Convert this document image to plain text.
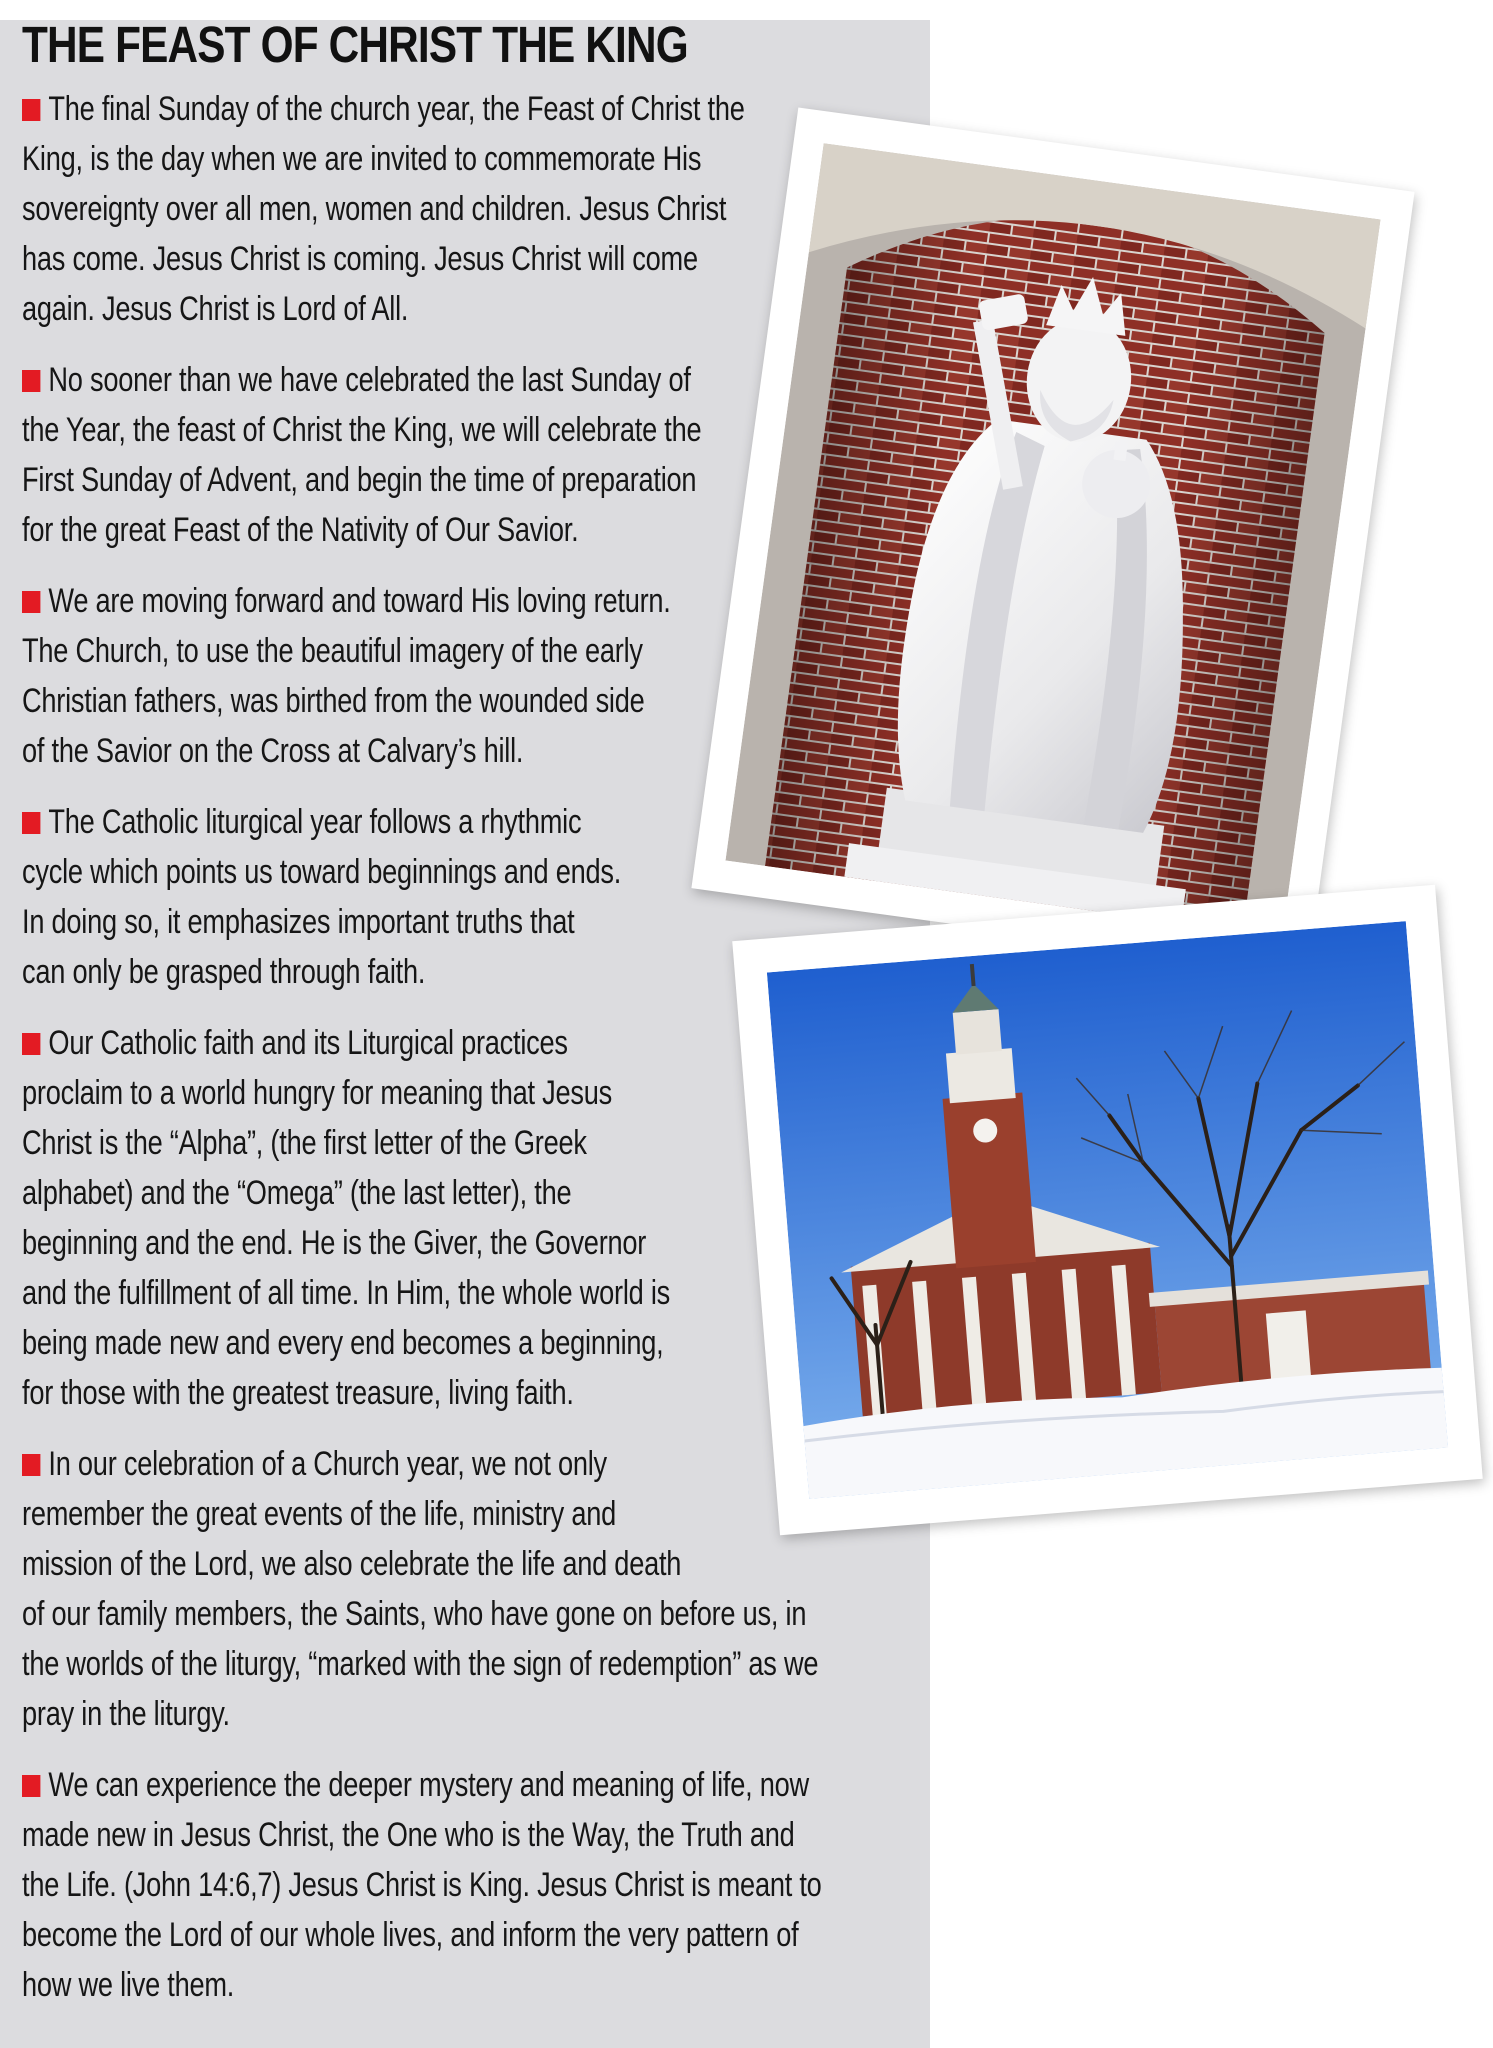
THE FEAST OF CHRIST THE KING

The final Sunday of the church year, the Feast of Christ the
King, is the day when we are invited to commemorate His
sovereignty over all men, women and children. Jesus Christ
has come. Jesus Christ is coming. Jesus Christ will come
again. Jesus Christ is Lord of All.

No sooner than we have celebrated the last Sunday of
the Year, the feast of Christ the King, we will celebrate the
First Sunday of Advent, and begin the time of preparation
for the great Feast of the Nativity of Our Savior.

We are moving forward and toward His loving return.
The Church, to use the beautiful imagery of the early
Christian fathers, was birthed from the wounded side
of the Savior on the Cross at Calvary’s hill.

The Catholic liturgical year follows a rhythmic
cycle which points us toward beginnings and ends.
In doing so, it emphasizes important truths that
can only be grasped through faith.

Our Catholic faith and its Liturgical practices
proclaim to a world hungry for meaning that Jesus
Christ is the “Alpha”, (the first letter of the Greek
alphabet) and the “Omega” (the last letter), the
beginning and the end. He is the Giver, the Governor
and the fulfillment of all time. In Him, the whole world is
being made new and every end becomes a beginning,
for those with the greatest treasure, living faith.

In our celebration of a Church year, we not only
remember the great events of the life, ministry and
mission of the Lord, we also celebrate the life and death
of our family members, the Saints, who have gone on before us, in
the worlds of the liturgy, “marked with the sign of redemption” as we
pray in the liturgy.

We can experience the deeper mystery and meaning of life, now
made new in Jesus Christ, the One who is the Way, the Truth and
the Life. (John 14:6,7) Jesus Christ is King. Jesus Christ is meant to
become the Lord of our whole lives, and inform the very pattern of
how we live them.
